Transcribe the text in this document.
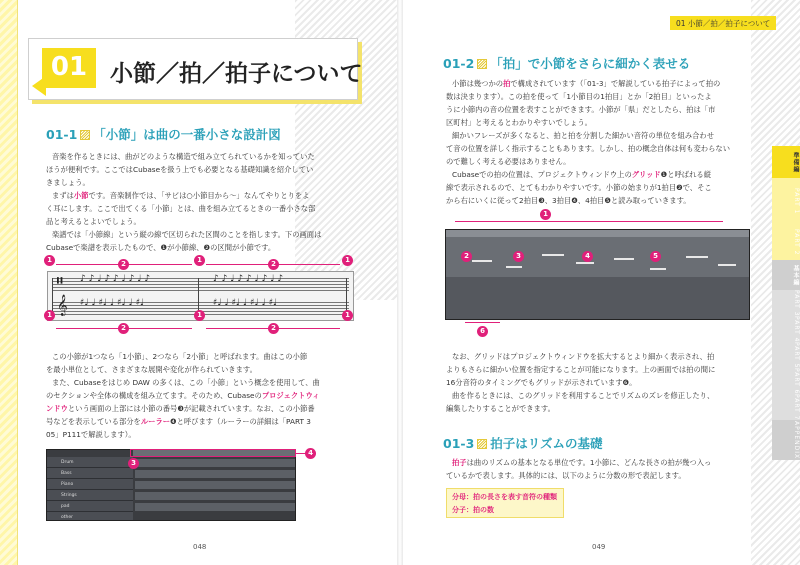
01 小節／拍／拍子について
01-1 「小節」は曲の一番小さな設計図
音楽を作るときには、曲がどのような構造で組み立てられているかを知っていた
ほうが便利です。ここではCubaseを扱う上でも必要となる基礎知識を紹介してい
きましょう。
まずは小節です。音楽制作では、「サビは○小節目から～」なんてやりとりをよ
く耳にします。ここで出てくる「小節」とは、曲を組み立てるときの一番小さな部
品と考えるとよいでしょう。
楽譜では「小節線」という縦の線で区切られた区間のことを指します。下の画面は
Cubaseで楽譜を表示したもので、❶が小節線、❷の区間が小節です。
𝄥
𝄞
♪ ♪ ♩ ♪ ♪ ♩ ♪ ♩ ♪	♪ ♪ ♩ ♪ ♪ ♩ ♪ ♩ ♪
♯♩ ♩ ♯♩ ♩ ♯♩ ♩ ♯♩	♯♩ ♩ ♯♩ ♩ ♯♩ ♩ ♯♩
1	1	1
2	2
1	1	1
2	2
この小節が1つなら「1小節」、2つなら「2小節」と呼ばれます。曲はこの小節
を最小単位として、さまざまな展開や変化が作られていきます。
また、Cubaseをはじめ DAW の多くは、この「小節」という概念を使用して、曲
のセクションや全体の構成を組み立てます。そのため、Cubaseのプロジェクトウィ
ンドウという画面の上部には小節の番号❸が記載されています。なお、この小節番
号などを表示している部分をルーラー❹と呼びます（ルーラーの詳細は「PART 3
05」P111で解説します）。
Drum
Bass
Piano
Strings
pad
other
4
3
048
01 小節／拍／拍子について
01-2 「拍」で小節をさらに細かく表せる
小節は幾つかの拍で構成されています（「01-3」で解説している拍子によって拍の
数は決まります）。この拍を使って「1小節目の1拍目」とか「2拍目」といったよ
うに小節内の音の位置を表すことができます。小節が「県」だとしたら、拍は「市
区町村」と考えるとわかりやすいでしょう。
細かいフレーズが多くなると、拍と拍を分割した細かい音符の単位を組み合わせ
て音の位置を詳しく指示することもあります。しかし、拍の概念自体は何も変わらない
ので難しく考える必要はありません。
Cubaseでの拍の位置は、プロジェクトウィンドウ上のグリッド❶と呼ばれる縦
線で表示されるので、とてもわかりやすいです。小節の始まりが1拍目❷で、そこ
から右にいくに従って2拍目❸、3拍目❹、4拍目❺と読み取っていきます。
1
2	3	4	5
6
なお、グリッドはプロジェクトウィンドウを拡大するとより細かく表示され、拍
よりもさらに細かい位置を指定することが可能になります。上の画面では拍の間に
16分音符のタイミングでもグリッドが示されています❻。
曲を作るときには、このグリッドを利用することでリズムのズレを修正したり、
編集したりすることができます。
01-3 拍子はリズムの基礎
拍子は曲のリズムの基本となる単位です。1小節に、どんな長さの拍が幾つ入っ
ているかで表します。具体的には、以下のように分数の形で表記します。
分母：拍の長さを表す音符の種類
分子：拍の数
049
準備編
PART 1
PART 2
基本編
PART 3
PART 4
PART 5
PART 6
PART 7
APPENDIX
